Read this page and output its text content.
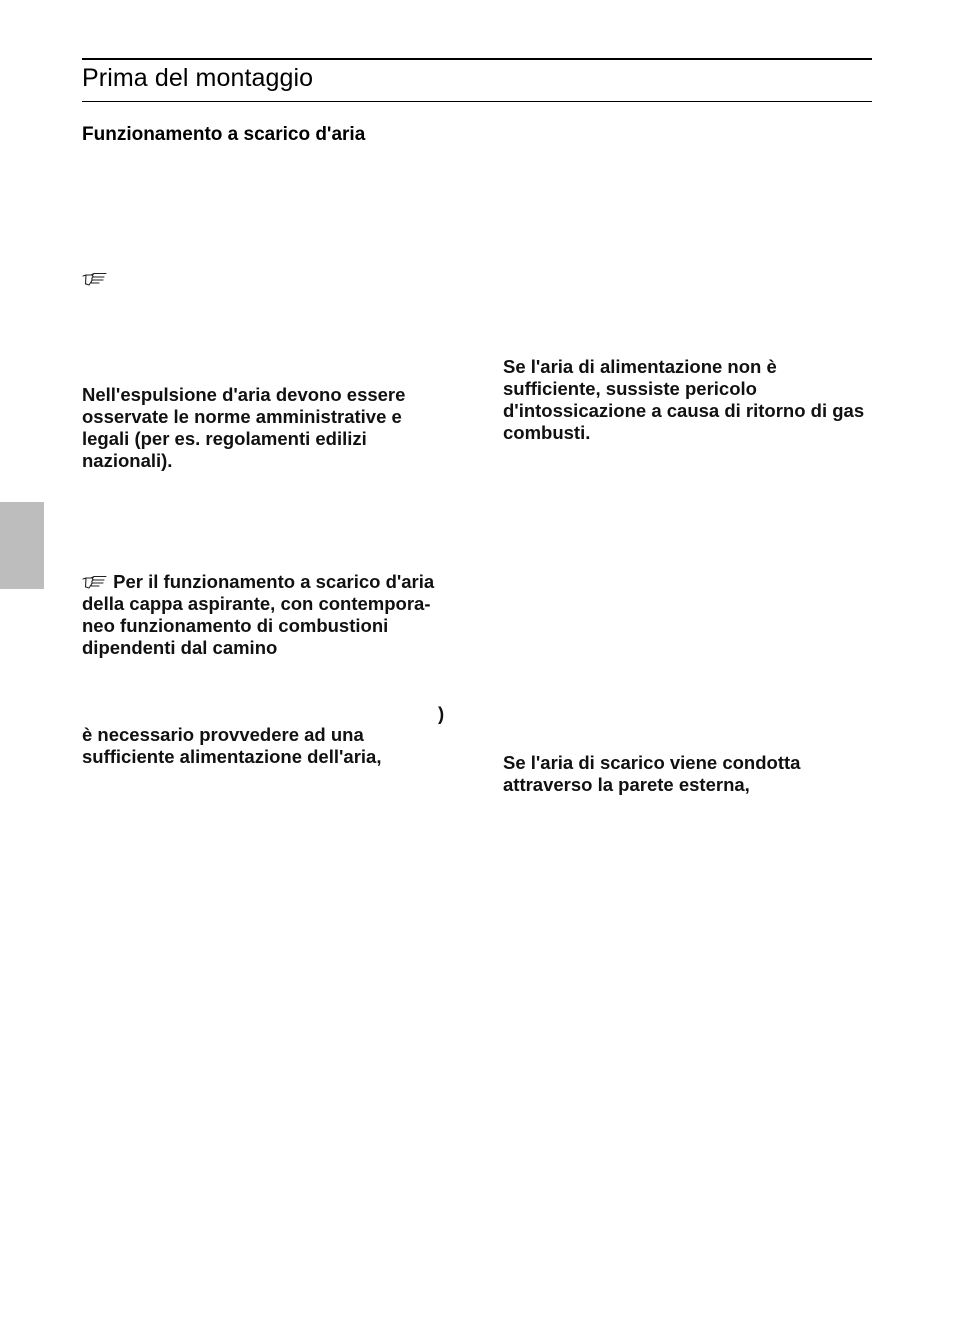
Prima del montaggio
Funzionamento a scarico d'aria
Nell'espulsione d'aria devono essere
osservate le norme amministrative e
legali (per es. regolamenti edilizi
nazionali).
Per il funzionamento a scarico d'aria
della cappa aspirante, con contempora-
neo funzionamento di combustioni
dipendenti dal camino
)
è necessario provvedere ad una
sufficiente alimentazione dell'aria,
Se l'aria di alimentazione non è
sufficiente, sussiste pericolo
d'intossicazione a causa di ritorno di gas
combusti.
Se l'aria di scarico viene condotta
attraverso la parete esterna,
